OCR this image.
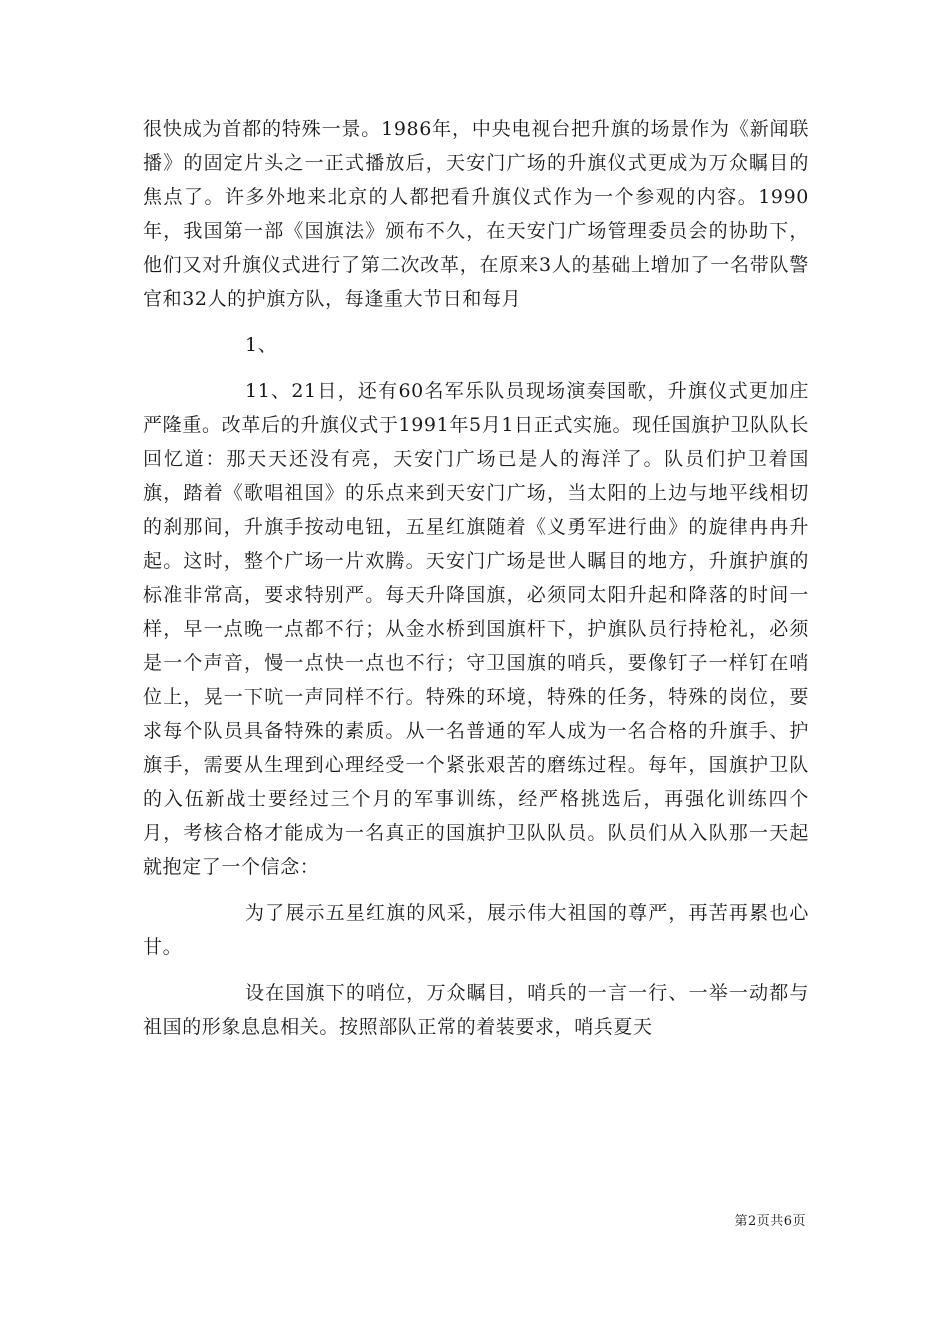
很快成为首都的特殊一景。1986年，中央电视台把升旗的场景作为《新闻联播》的固定片头之一正式播放后，天安门广场的升旗仪式更成为万众瞩目的焦点了。许多外地来北京的人都把看升旗仪式作为一个参观的内容。1990年，我国第一部《国旗法》颁布不久，在天安门广场管理委员会的协助下，他们又对升旗仪式进行了第二次改革，在原来3人的基础上增加了一名带队警官和32人的护旗方队，每逢重大节日和每月

1、

11、21日，还有60名军乐队员现场演奏国歌，升旗仪式更加庄严隆重。改革后的升旗仪式于1991年5月1日正式实施。现任国旗护卫队队长回忆道：那天天还没有亮，天安门广场已是人的海洋了。队员们护卫着国旗，踏着《歌唱祖国》的乐点来到天安门广场，当太阳的上边与地平线相切的刹那间，升旗手按动电钮，五星红旗随着《义勇军进行曲》的旋律冉冉升起。这时，整个广场一片欢腾。天安门广场是世人瞩目的地方，升旗护旗的标准非常高，要求特别严。每天升降国旗，必须同太阳升起和降落的时间一样，早一点晚一点都不行；从金水桥到国旗杆下，护旗队员行持枪礼，必须是一个声音，慢一点快一点也不行；守卫国旗的哨兵，要像钉子一样钉在哨位上，晃一下吭一声同样不行。特殊的环境，特殊的任务，特殊的岗位，要求每个队员具备特殊的素质。从一名普通的军人成为一名合格的升旗手、护旗手，需要从生理到心理经受一个紧张艰苦的磨练过程。每年，国旗护卫队的入伍新战士要经过三个月的军事训练，经严格挑选后，再强化训练四个月，考核合格才能成为一名真正的国旗护卫队队员。队员们从入队那一天起就抱定了一个信念：

为了展示五星红旗的风采，展示伟大祖国的尊严，再苦再累也心甘。

设在国旗下的哨位，万众瞩目，哨兵的一言一行、一举一动都与祖国的形象息息相关。按照部队正常的着装要求，哨兵夏天

第2页共6页
